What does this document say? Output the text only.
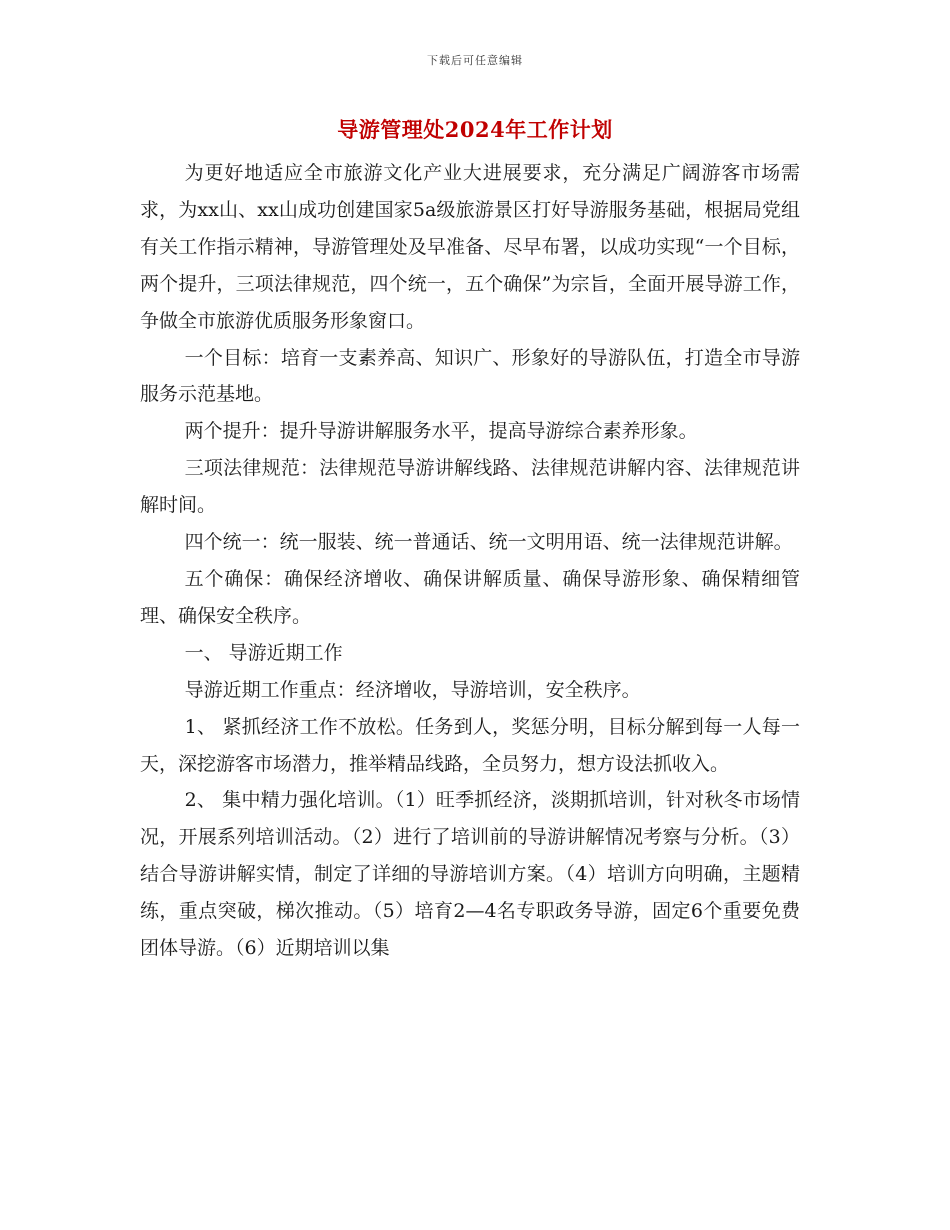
下载后可任意编辑
导游管理处2024年工作计划

为更好地适应全市旅游文化产业大进展要求，充分满足广阔游客市场需求，为xx山、xx山成功创建国家5a级旅游景区打好导游服务基础，根据局党组有关工作指示精神，导游管理处及早准备、尽早布署，以成功实现“一个目标，两个提升，三项法律规范，四个统一，五个确保”为宗旨，全面开展导游工作，争做全市旅游优质服务形象窗口。

一个目标：培育一支素养高、知识广、形象好的导游队伍，打造全市导游服务示范基地。

两个提升：提升导游讲解服务水平，提高导游综合素养形象。

三项法律规范：法律规范导游讲解线路、法律规范讲解内容、法律规范讲解时间。

四个统一：统一服装、统一普通话、统一文明用语、统一法律规范讲解。

五个确保：确保经济增收、确保讲解质量、确保导游形象、确保精细管理、确保安全秩序。

一、 导游近期工作

导游近期工作重点：经济增收，导游培训，安全秩序。

1、 紧抓经济工作不放松。任务到人，奖惩分明，目标分解到每一人每一天，深挖游客市场潜力，推举精品线路，全员努力，想方设法抓收入。

2、 集中精力强化培训。（1）旺季抓经济，淡期抓培训，针对秋冬市场情况，开展系列培训活动。（2）进行了培训前的导游讲解情况考察与分析。（3）结合导游讲解实情，制定了详细的导游培训方案。（4）培训方向明确，主题精练，重点突破，梯次推动。（5）培育2—4名专职政务导游，固定6个重要免费团体导游。（6）近期培训以集
